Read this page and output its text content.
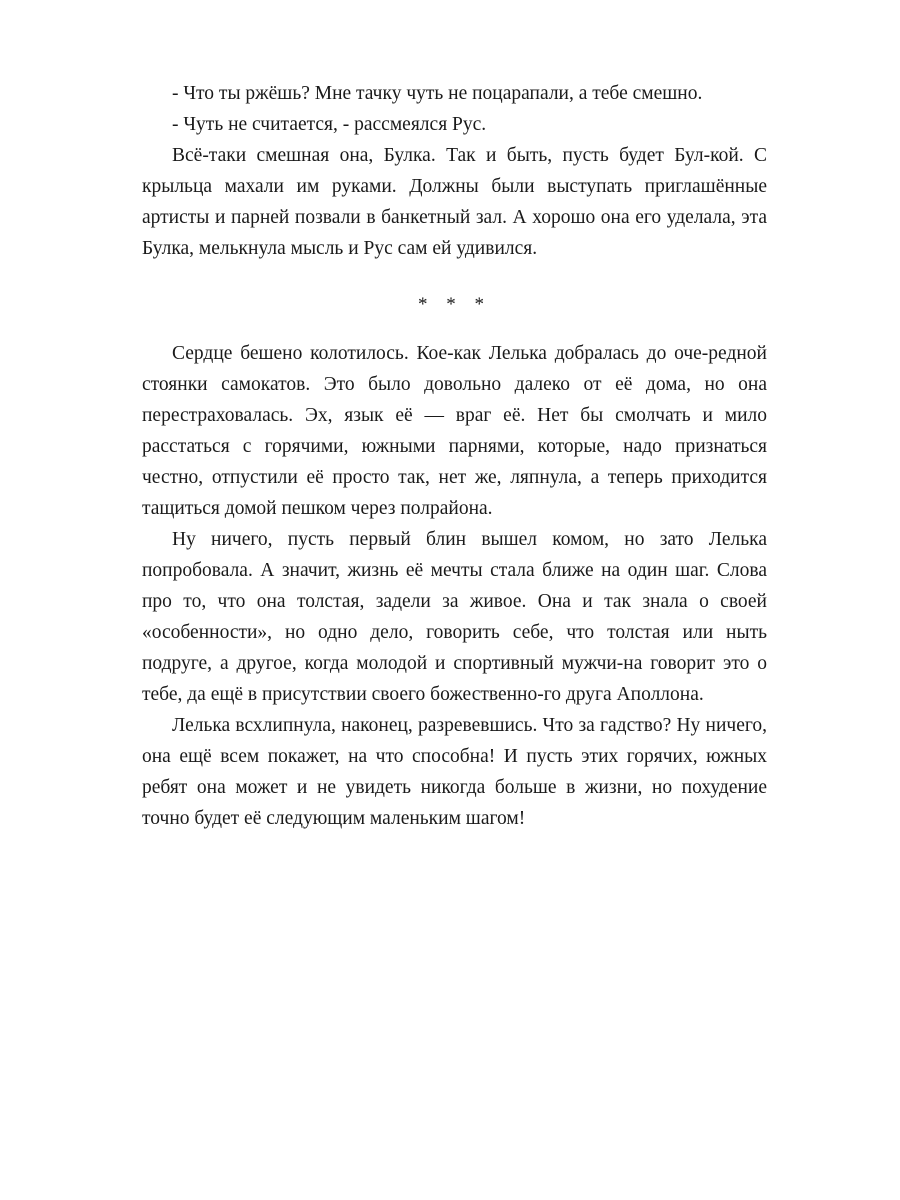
- Что ты ржёшь? Мне тачку чуть не поцарапали, а тебе смешно.

- Чуть не считается, - рассмеялся Рус.

Всё-таки смешная она, Булка. Так и быть, пусть будет Бул-кой. С крыльца махали им руками. Должны были выступать приглашённые артисты и парней позвали в банкетный зал. А хорошо она его уделала, эта Булка, мелькнула мысль и Рус сам ей удивился.

* * *

Сердце бешено колотилось. Кое-как Лелька добралась до оче-редной стоянки самокатов. Это было довольно далеко от её дома, но она перестраховалась. Эх, язык её — враг её. Нет бы смолчать и мило расстаться с горячими, южными парнями, которые, надо признаться честно, отпустили её просто так, нет же, ляпнула, а теперь приходится тащиться домой пешком через полрайона.

Ну ничего, пусть первый блин вышел комом, но зато Лелька попробовала. А значит, жизнь её мечты стала ближе на один шаг. Слова про то, что она толстая, задели за живое. Она и так знала о своей «особенности», но одно дело, говорить себе, что толстая или ныть подруге, а другое, когда молодой и спортивный мужчи-на говорит это о тебе, да ещё в присутствии своего божественно-го друга Аполлона.

Лелька всхлипнула, наконец, разревевшись. Что за гадство? Ну ничего, она ещё всем покажет, на что способна! И пусть этих горячих, южных ребят она может и не увидеть никогда больше в жизни, но похудение точно будет её следующим маленьким шагом!
